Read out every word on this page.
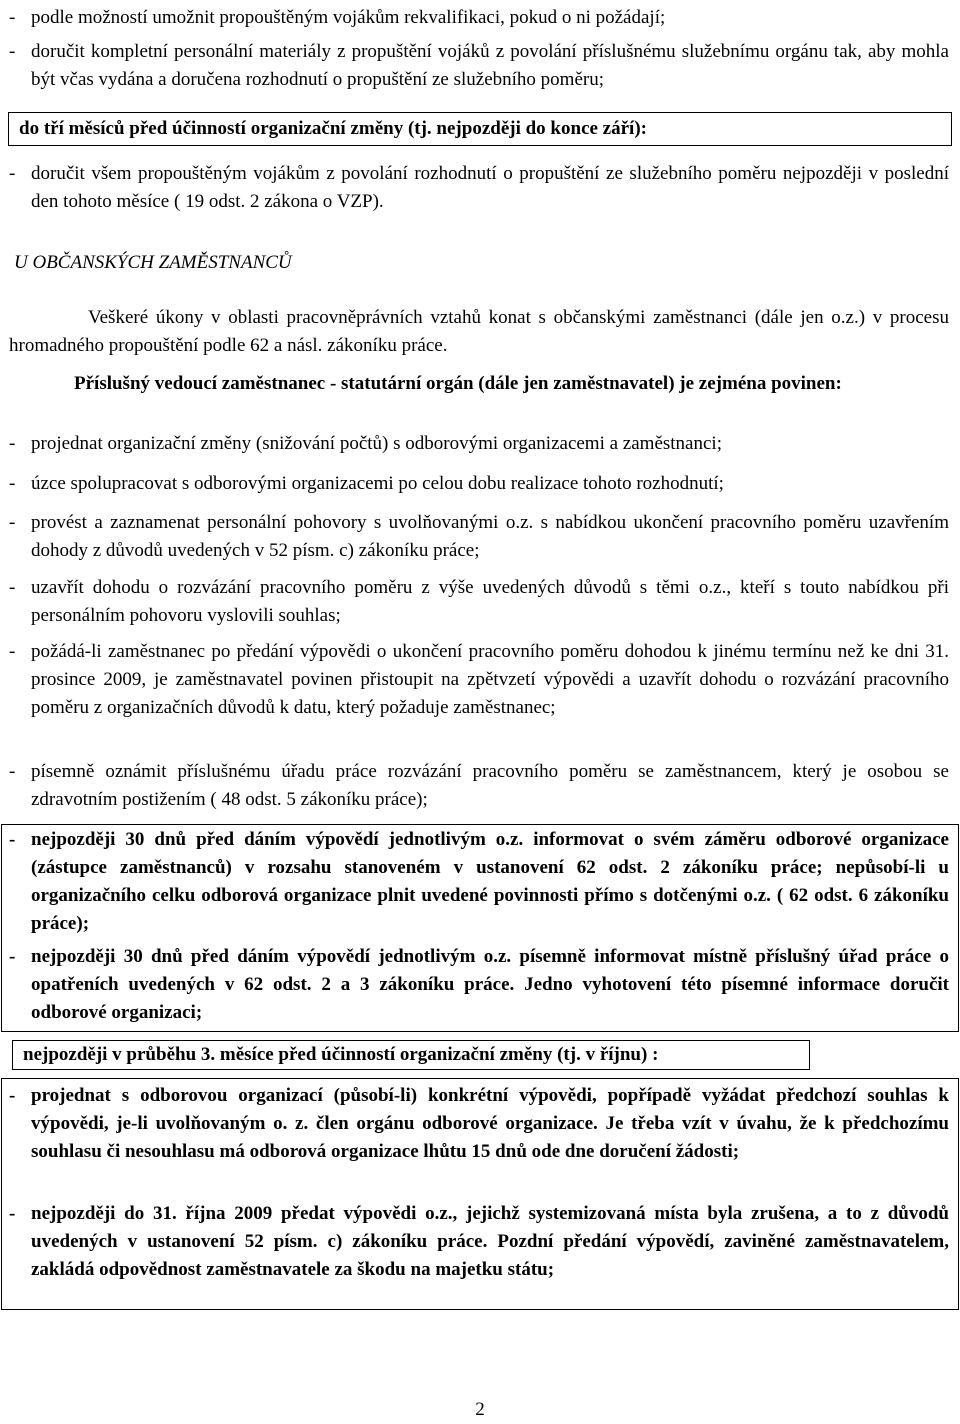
- podle možností umožnit propouštěným vojákům rekvalifikaci, pokud o ni požádají;
- doručit kompletní personální materiály z propuštění vojáků z povolání příslušnému služebnímu orgánu tak, aby mohla být včas vydána a doručena rozhodnutí o propuštění ze služebního poměru;
do tří měsíců před účinností organizační změny (tj. nejpozději do konce září):
- doručit všem propouštěným vojákům z povolání rozhodnutí o propuštění ze služebního poměru nejpozději v poslední den tohoto měsíce ( 19 odst. 2 zákona o VZP).
U OBČANSKÝCH ZAMĚSTNANCŮ
Veškeré úkony v oblasti pracovněprávních vztahů konat s občanskými zaměstnanci (dále jen o.z.) v procesu hromadného propouštění podle 62 a násl. zákoníku práce.
Příslušný vedoucí zaměstnanec - statutární orgán (dále jen zaměstnavatel) je zejména povinen:
- projednat organizační změny (snižování počtů) s odborovými organizacemi a zaměstnanci;
- úzce spolupracovat s odborovými organizacemi po celou dobu realizace tohoto rozhodnutí;
- provést a zaznamenat personální pohovory s uvolňovanými o.z. s nabídkou ukončení pracovního poměru uzavřením dohody z důvodů uvedených v 52 písm. c) zákoníku práce;
- uzavřít dohodu o rozvázání pracovního poměru z výše uvedených důvodů s těmi o.z., kteří s touto nabídkou při personálním pohovoru vyslovili souhlas;
- požádá-li zaměstnanec po předání výpovědi o ukončení pracovního poměru dohodou k jinému termínu než ke dni 31. prosince 2009, je zaměstnavatel povinen přistoupit na zpětvzetí výpovědi a uzavřít dohodu o rozvázání pracovního poměru z organizačních důvodů k datu, který požaduje zaměstnanec;
- písemně oznámit příslušnému úřadu práce rozvázání pracovního poměru se zaměstnancem, který je osobou se zdravotním postižením ( 48 odst. 5 zákoníku práce);
- nejpozději 30 dnů před dáním výpovědí jednotlivým o.z. informovat o svém záměru odborové organizace (zástupce zaměstnanců) v rozsahu stanoveném v ustanovení 62 odst. 2 zákoníku práce; nepůsobí-li u organizačního celku odborová organizace plnit uvedené povinnosti přímo s dotčenými o.z. ( 62 odst. 6 zákoníku práce);
- nejpozději 30 dnů před dáním výpovědí jednotlivým o.z. písemně informovat místně příslušný úřad práce o opatřeních uvedených v 62 odst. 2 a 3 zákoníku práce. Jedno vyhotovení této písemné informace doručit odborové organizaci;
nejpozději v průběhu 3. měsíce před účinností organizační změny (tj. v říjnu) :
- projednat s odborovou organizací (působí-li) konkrétní výpovědi, popřípadě vyžádat předchozí souhlas k výpovědi, je-li uvolňovaným o. z. člen orgánu odborové organizace. Je třeba vzít v úvahu, že k předchozímu souhlasu či nesouhlasu má odborová organizace lhůtu 15 dnů ode dne doručení žádosti;
- nejpozději do 31. října 2009 předat výpovědi o.z., jejichž systemizovaná místa byla zrušena, a to z důvodů uvedených v ustanovení 52 písm. c) zákoníku práce. Pozdní předání výpovědí, zaviněné zaměstnavatelem, zakládá odpovědnost zaměstnavatele za škodu na majetku státu;
2
